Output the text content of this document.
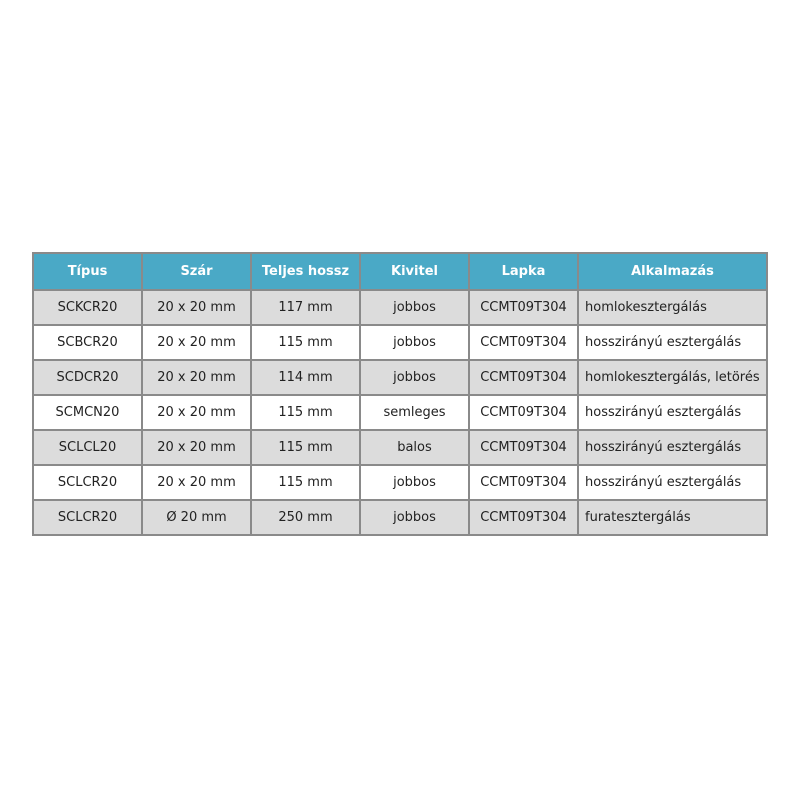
Típus	Szár	Teljes hossz	Kivitel	Lapka	Alkalmazás
SCKCR20	20 x 20 mm	117 mm	jobbos	CCMT09T304	homlokesztergálás
SCBCR20	20 x 20 mm	115 mm	jobbos	CCMT09T304	hosszirányú esztergálás
SCDCR20	20 x 20 mm	114 mm	jobbos	CCMT09T304	homlokesztergálás, letörés
SCMCN20	20 x 20 mm	115 mm	semleges	CCMT09T304	hosszirányú esztergálás
SCLCL20	20 x 20 mm	115 mm	balos	CCMT09T304	hosszirányú esztergálás
SCLCR20	20 x 20 mm	115 mm	jobbos	CCMT09T304	hosszirányú esztergálás
SCLCR20	Ø 20 mm	250 mm	jobbos	CCMT09T304	furatesztergálás
